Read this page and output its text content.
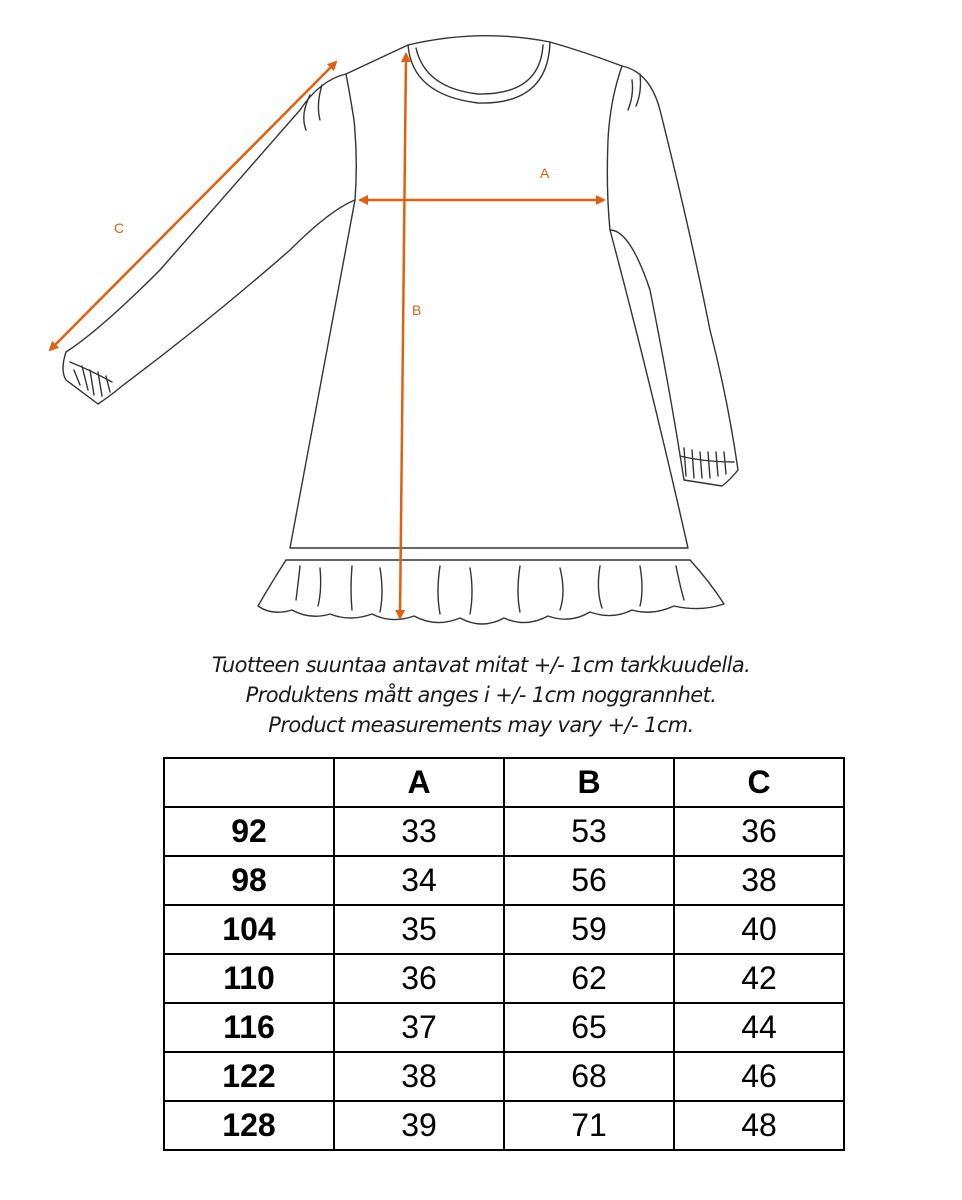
A
B
C
Tuotteen suuntaa antavat mitat +/- 1cm tarkkuudella.
Produktens mått anges i +/- 1cm noggrannhet.
Product measurements may vary +/- 1cm.
	A	B	C
92	33	53	36
98	34	56	38
104	35	59	40
110	36	62	42
116	37	65	44
122	38	68	46
128	39	71	48
